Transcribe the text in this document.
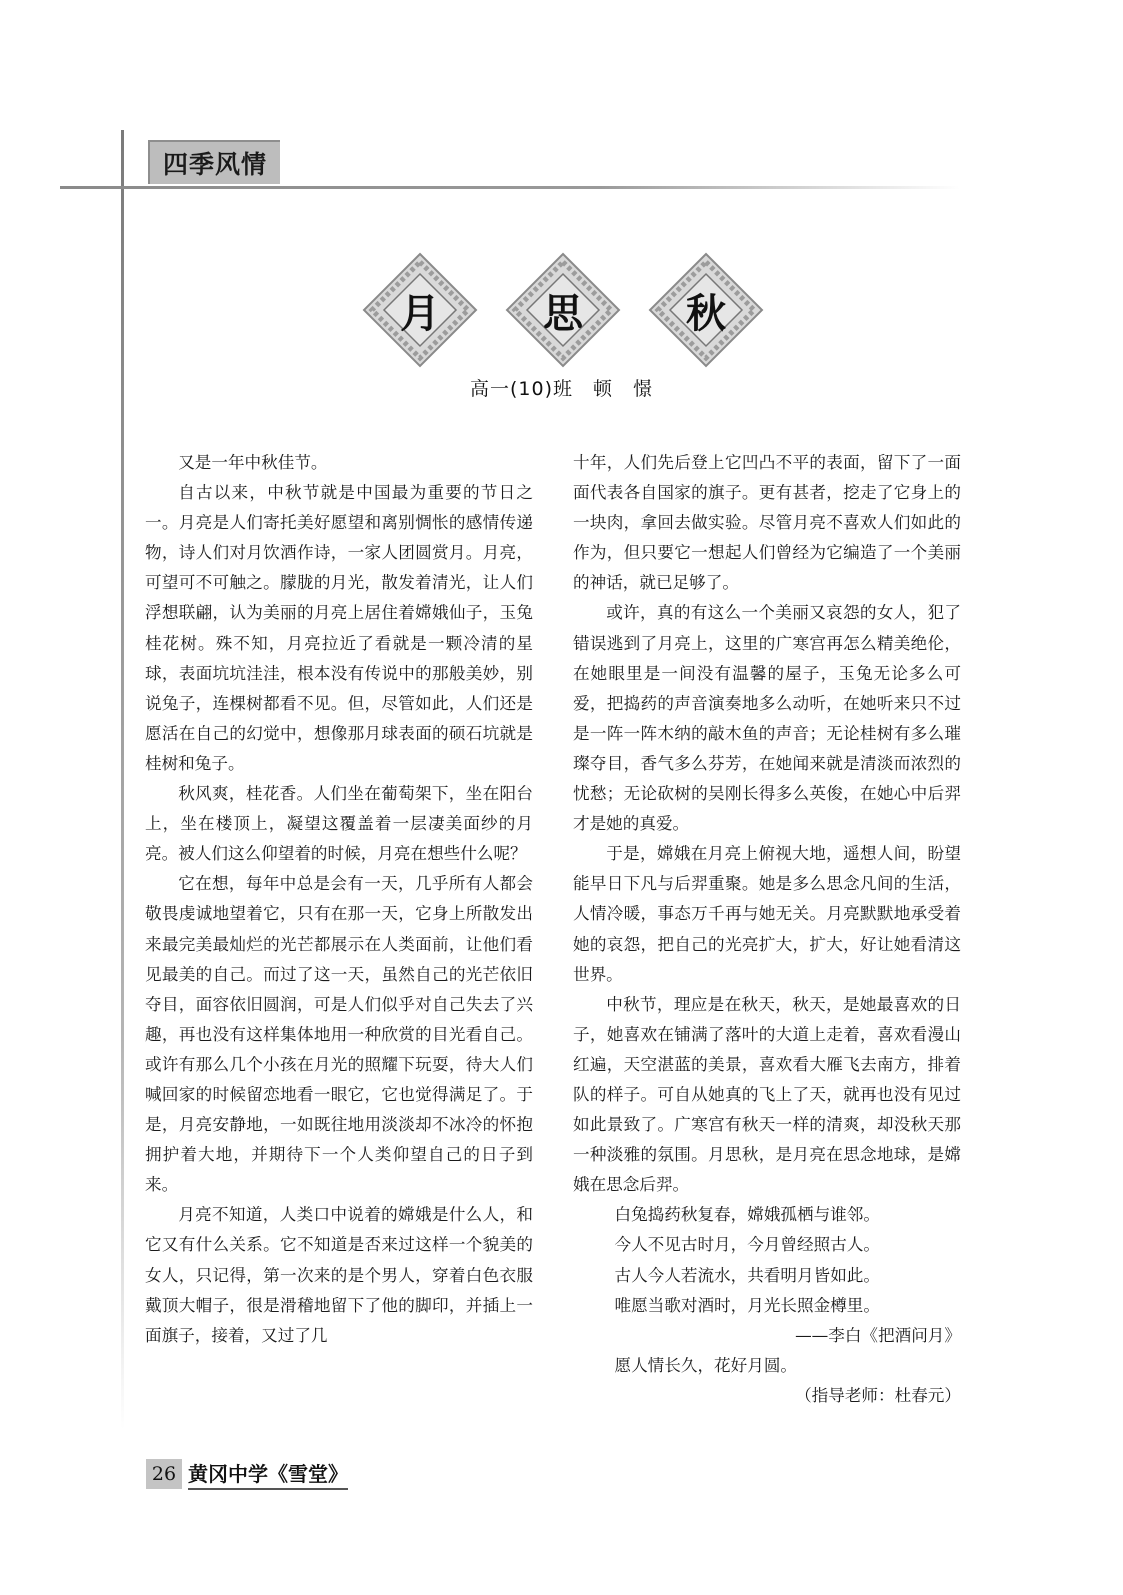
四季风情
月	思	秋
高一(10)班　顿　憬

又是一年中秋佳节。

自古以来，中秋节就是中国最为重要的节日之一。月亮是人们寄托美好愿望和离别惆怅的感情传递物，诗人们对月饮酒作诗，一家人团圆赏月。月亮，可望可不可触之。朦胧的月光，散发着清光，让人们浮想联翩，认为美丽的月亮上居住着嫦娥仙子，玉兔桂花树。殊不知，月亮拉近了看就是一颗冷清的星球，表面坑坑洼洼，根本没有传说中的那般美妙，别说兔子，连棵树都看不见。但，尽管如此，人们还是愿活在自己的幻觉中，想像那月球表面的硕石坑就是桂树和兔子。

秋风爽，桂花香。人们坐在葡萄架下，坐在阳台上，坐在楼顶上，凝望这覆盖着一层凄美面纱的月亮。被人们这么仰望着的时候，月亮在想些什么呢？

它在想，每年中总是会有一天，几乎所有人都会敬畏虔诚地望着它，只有在那一天，它身上所散发出来最完美最灿烂的光芒都展示在人类面前，让他们看见最美的自己。而过了这一天，虽然自己的光芒依旧夺目，面容依旧圆润，可是人们似乎对自己失去了兴趣，再也没有这样集体地用一种欣赏的目光看自己。或许有那么几个小孩在月光的照耀下玩耍，待大人们喊回家的时候留恋地看一眼它，它也觉得满足了。于是，月亮安静地，一如既往地用淡淡却不冰冷的怀抱拥护着大地，并期待下一个人类仰望自己的日子到来。

月亮不知道，人类口中说着的嫦娥是什么人，和它又有什么关系。它不知道是否来过这样一个貌美的女人，只记得，第一次来的是个男人，穿着白色衣服戴顶大帽子，很是滑稽地留下了他的脚印，并插上一面旗子，接着，又过了几

十年，人们先后登上它凹凸不平的表面，留下了一面面代表各自国家的旗子。更有甚者，挖走了它身上的一块肉，拿回去做实验。尽管月亮不喜欢人们如此的作为，但只要它一想起人们曾经为它编造了一个美丽的神话，就已足够了。

或许，真的有这么一个美丽又哀怨的女人，犯了错误逃到了月亮上，这里的广寒宫再怎么精美绝伦，在她眼里是一间没有温馨的屋子，玉兔无论多么可爱，把捣药的声音演奏地多么动听，在她听来只不过是一阵一阵木纳的敲木鱼的声音；无论桂树有多么璀璨夺目，香气多么芬芳，在她闻来就是清淡而浓烈的忧愁；无论砍树的吴刚长得多么英俊，在她心中后羿才是她的真爱。

于是，嫦娥在月亮上俯视大地，遥想人间，盼望能早日下凡与后羿重聚。她是多么思念凡间的生活，人情冷暖，事态万千再与她无关。月亮默默地承受着她的哀怨，把自己的光亮扩大，扩大，好让她看清这世界。

中秋节，理应是在秋天，秋天，是她最喜欢的日子，她喜欢在铺满了落叶的大道上走着，喜欢看漫山红遍，天空湛蓝的美景，喜欢看大雁飞去南方，排着队的样子。可自从她真的飞上了天，就再也没有见过如此景致了。广寒宫有秋天一样的清爽，却没秋天那一种淡雅的氛围。月思秋，是月亮在思念地球，是嫦娥在思念后羿。

白兔捣药秋复春，嫦娥孤栖与谁邻。

今人不见古时月，今月曾经照古人。

古人今人若流水，共看明月皆如此。

唯愿当歌对酒时，月光长照金樽里。

——李白《把酒问月》

愿人情长久，花好月圆。

（指导老师：杜春元）

26 黄冈中学《雪堂》
